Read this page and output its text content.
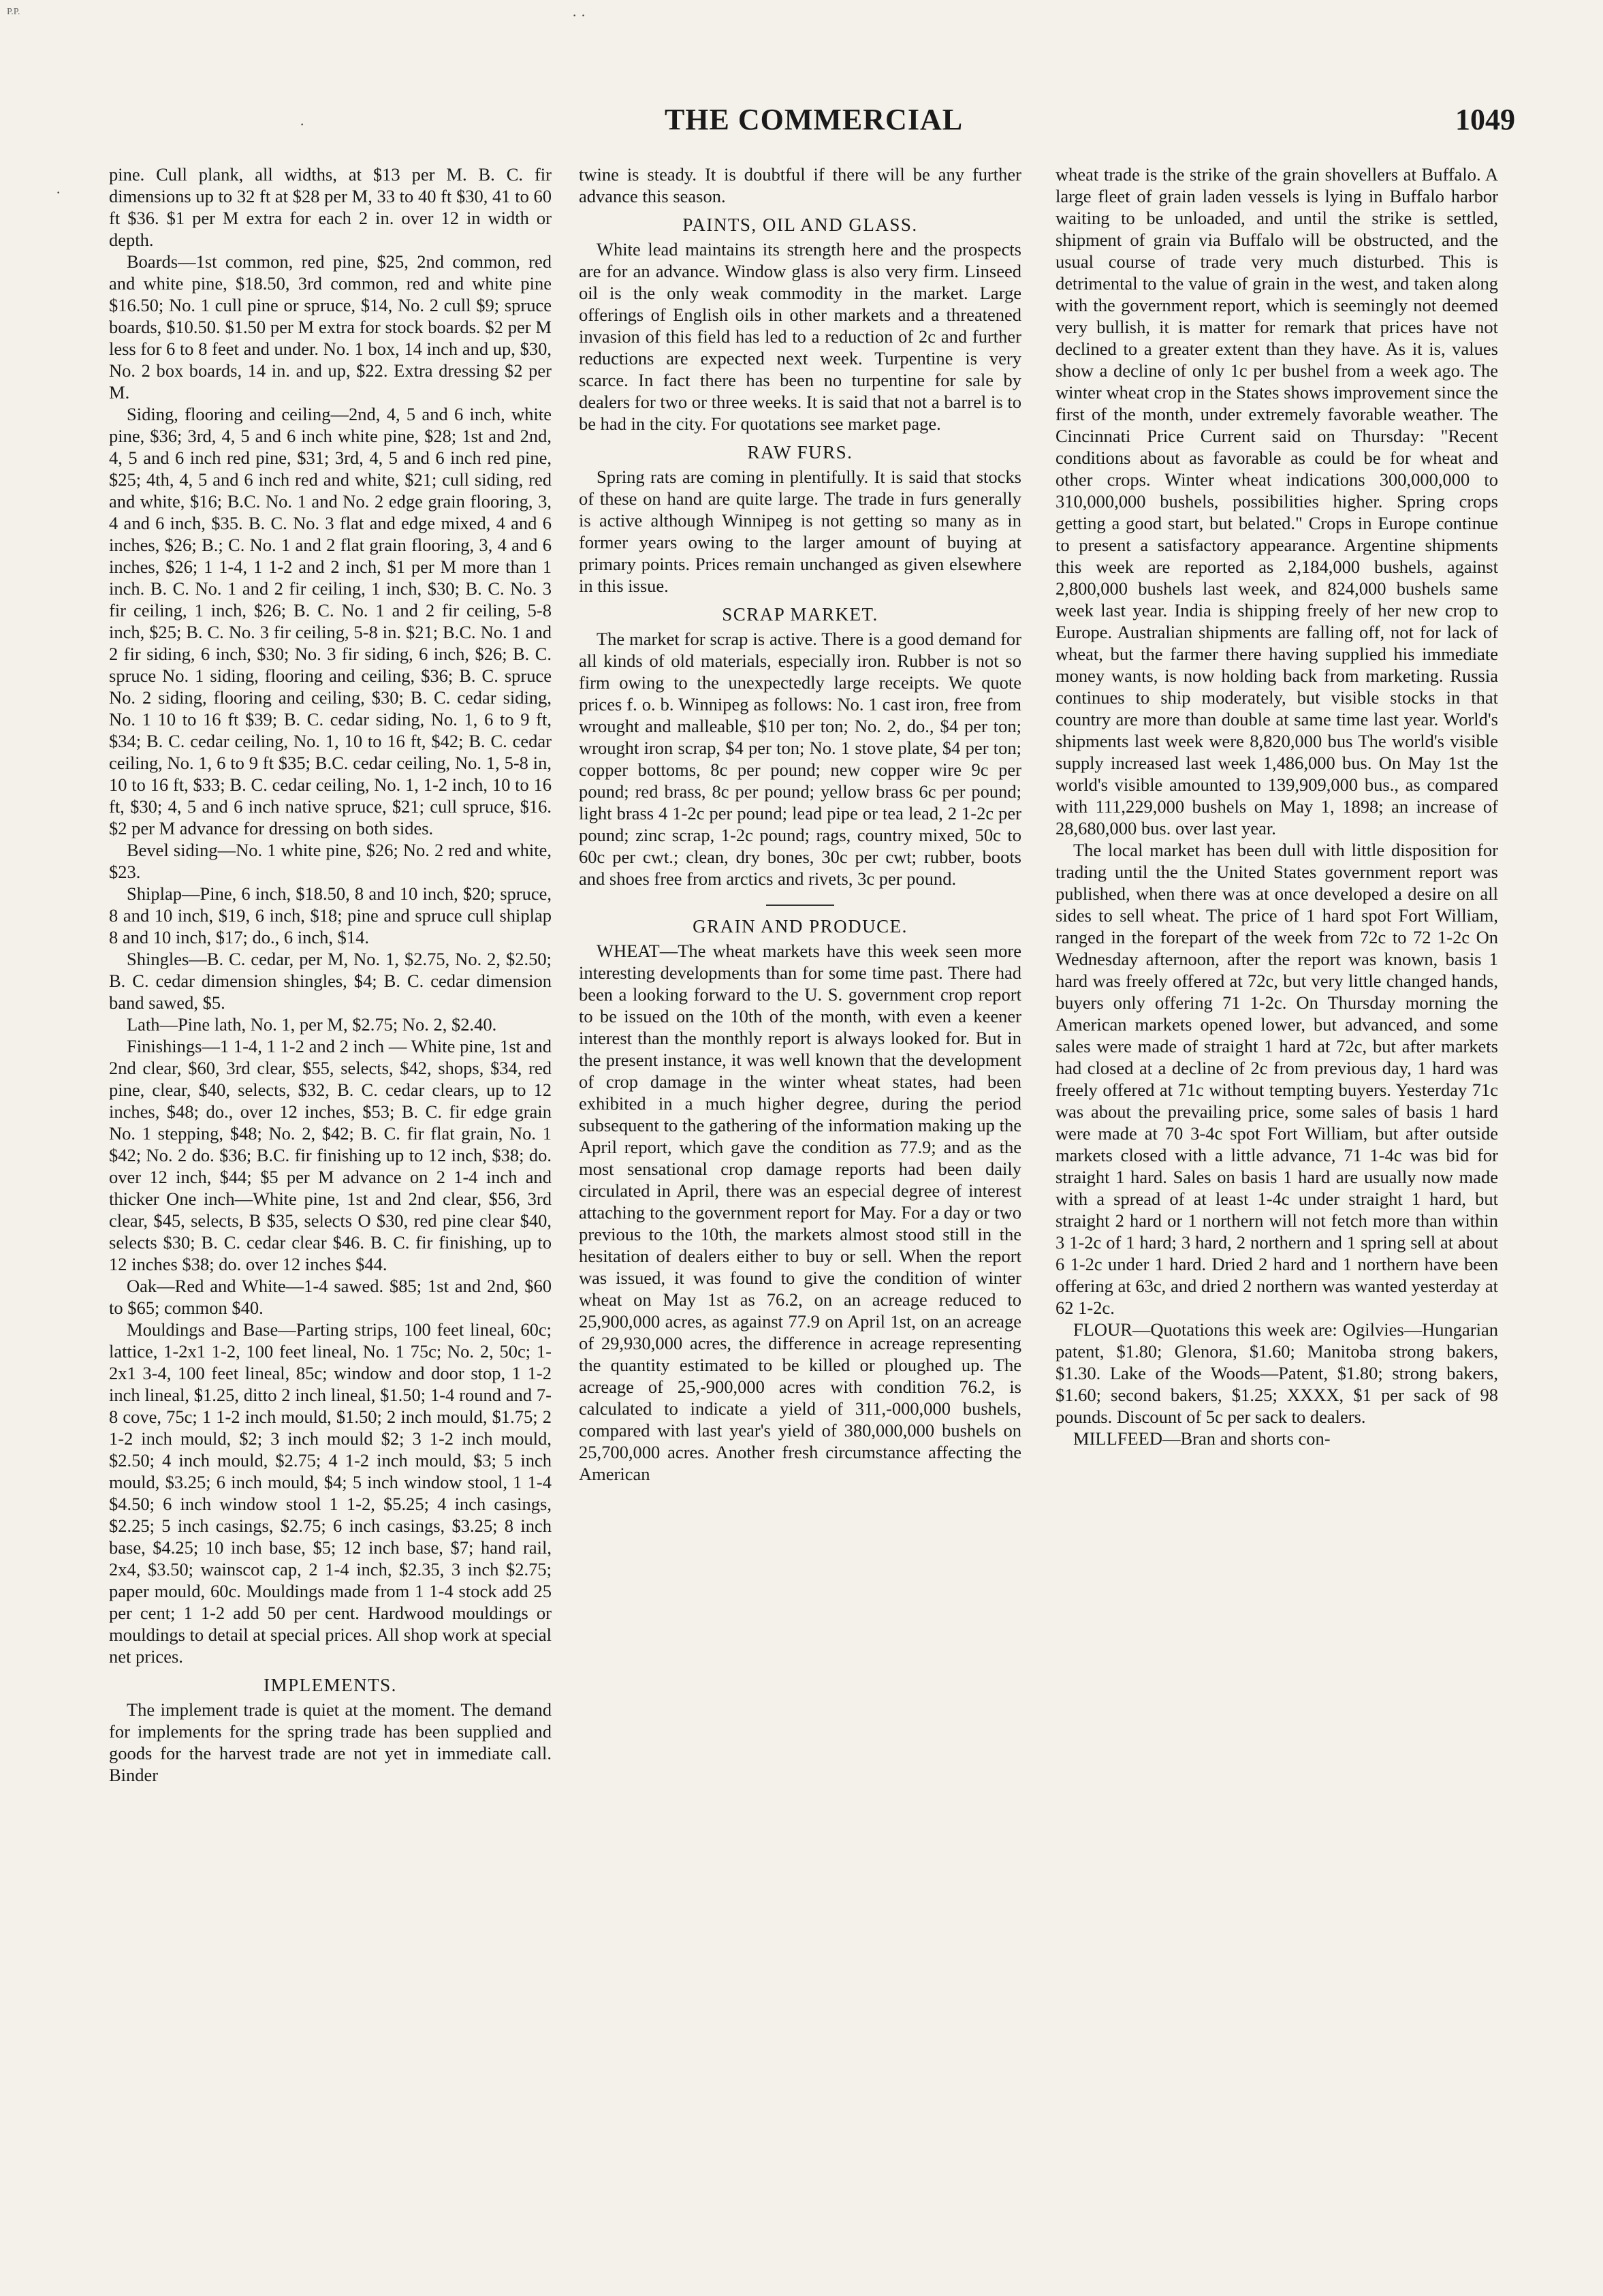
P.P.	· ·
·
·
THE COMMERCIAL	1049

pine. Cull plank, all widths, at $13 per M. B. C. fir dimensions up to 32 ft at $28 per M, 33 to 40 ft $30, 41 to 60 ft $36. $1 per M extra for each 2 in. over 12 in width or depth.

Boards—1st common, red pine, $25, 2nd common, red and white pine, $18.50, 3rd common, red and white pine $16.50; No. 1 cull pine or spruce, $14, No. 2 cull $9; spruce boards, $10.50. $1.50 per M extra for stock boards. $2 per M less for 6 to 8 feet and under. No. 1 box, 14 inch and up, $30, No. 2 box boards, 14 in. and up, $22. Extra dressing $2 per M.

Siding, flooring and ceiling—2nd, 4, 5 and 6 inch, white pine, $36; 3rd, 4, 5 and 6 inch white pine, $28; 1st and 2nd, 4, 5 and 6 inch red pine, $31; 3rd, 4, 5 and 6 inch red pine, $25; 4th, 4, 5 and 6 inch red and white, $21; cull siding, red and white, $16; B.C. No. 1 and No. 2 edge grain flooring, 3, 4 and 6 inch, $35. B. C. No. 3 flat and edge mixed, 4 and 6 inches, $26; B.; C. No. 1 and 2 flat grain flooring, 3, 4 and 6 inches, $26; 1 1-4, 1 1-2 and 2 inch, $1 per M more than 1 inch. B. C. No. 1 and 2 fir ceiling, 1 inch, $30; B. C. No. 3 fir ceiling, 1 inch, $26; B. C. No. 1 and 2 fir ceiling, 5-8 inch, $25; B. C. No. 3 fir ceiling, 5-8 in. $21; B.C. No. 1 and 2 fir siding, 6 inch, $30; No. 3 fir siding, 6 inch, $26; B. C. spruce No. 1 siding, flooring and ceiling, $36; B. C. spruce No. 2 siding, flooring and ceiling, $30; B. C. cedar siding, No. 1 10 to 16 ft $39; B. C. cedar siding, No. 1, 6 to 9 ft, $34; B. C. cedar ceiling, No. 1, 10 to 16 ft, $42; B. C. cedar ceiling, No. 1, 6 to 9 ft $35; B.C. cedar ceiling, No. 1, 5-8 in, 10 to 16 ft, $33; B. C. cedar ceiling, No. 1, 1-2 inch, 10 to 16 ft, $30; 4, 5 and 6 inch native spruce, $21; cull spruce, $16. $2 per M advance for dressing on both sides.

Bevel siding—No. 1 white pine, $26; No. 2 red and white, $23.

Shiplap—Pine, 6 inch, $18.50, 8 and 10 inch, $20; spruce, 8 and 10 inch, $19, 6 inch, $18; pine and spruce cull shiplap 8 and 10 inch, $17; do., 6 inch, $14.

Shingles—B. C. cedar, per M, No. 1, $2.75, No. 2, $2.50; B. C. cedar dimension shingles, $4; B. C. cedar dimension band sawed, $5.

Lath—Pine lath, No. 1, per M, $2.75; No. 2, $2.40.

Finishings—1 1-4, 1 1-2 and 2 inch — White pine, 1st and 2nd clear, $60, 3rd clear, $55, selects, $42, shops, $34, red pine, clear, $40, selects, $32, B. C. cedar clears, up to 12 inches, $48; do., over 12 inches, $53; B. C. fir edge grain No. 1 stepping, $48; No. 2, $42; B. C. fir flat grain, No. 1 $42; No. 2 do. $36; B.C. fir finishing up to 12 inch, $38; do. over 12 inch, $44; $5 per M advance on 2 1-4 inch and thicker One inch—White pine, 1st and 2nd clear, $56, 3rd clear, $45, selects, B $35, selects O $30, red pine clear $40, selects $30; B. C. cedar clear $46. B. C. fir finishing, up to 12 inches $38; do. over 12 inches $44.

Oak—Red and White—1-4 sawed. $85; 1st and 2nd, $60 to $65; common $40.

Mouldings and Base—Parting strips, 100 feet lineal, 60c; lattice, 1-2x1 1-2, 100 feet lineal, No. 1 75c; No. 2, 50c; 1-2x1 3-4, 100 feet lineal, 85c; window and door stop, 1 1-2 inch lineal, $1.25, ditto 2 inch lineal, $1.50; 1-4 round and 7-8 cove, 75c; 1 1-2 inch mould, $1.50; 2 inch mould, $1.75; 2 1-2 inch mould, $2; 3 inch mould $2; 3 1-2 inch mould, $2.50; 4 inch mould, $2.75; 4 1-2 inch mould, $3; 5 inch mould, $3.25; 6 inch mould, $4; 5 inch window stool, 1 1-4 $4.50; 6 inch window stool 1 1-2, $5.25; 4 inch casings, $2.25; 5 inch casings, $2.75; 6 inch casings, $3.25; 8 inch base, $4.25; 10 inch base, $5; 12 inch base, $7; hand rail, 2x4, $3.50; wainscot cap, 2 1-4 inch, $2.35, 3 inch $2.75; paper mould, 60c. Mouldings made from 1 1-4 stock add 25 per cent; 1 1-2 add 50 per cent. Hardwood mouldings or mouldings to detail at special prices. All shop work at special net prices.

IMPLEMENTS.

The implement trade is quiet at the moment. The demand for implements for the spring trade has been supplied and goods for the harvest trade are not yet in immediate call. Binder

twine is steady. It is doubtful if there will be any further advance this season.

PAINTS, OIL AND GLASS.

White lead maintains its strength here and the prospects are for an advance. Window glass is also very firm. Linseed oil is the only weak commodity in the market. Large offerings of English oils in other markets and a threatened invasion of this field has led to a reduction of 2c and further reductions are expected next week. Turpentine is very scarce. In fact there has been no turpentine for sale by dealers for two or three weeks. It is said that not a barrel is to be had in the city. For quotations see market page.

RAW FURS.

Spring rats are coming in plentifully. It is said that stocks of these on hand are quite large. The trade in furs generally is active although Winnipeg is not getting so many as in former years owing to the larger amount of buying at primary points. Prices remain unchanged as given elsewhere in this issue.

SCRAP MARKET.

The market for scrap is active. There is a good demand for all kinds of old materials, especially iron. Rubber is not so firm owing to the unexpectedly large receipts. We quote prices f. o. b. Winnipeg as follows: No. 1 cast iron, free from wrought and malleable, $10 per ton; No. 2, do., $4 per ton; wrought iron scrap, $4 per ton; No. 1 stove plate, $4 per ton; copper bottoms, 8c per pound; new copper wire 9c per pound; red brass, 8c per pound; yellow brass 6c per pound; light brass 4 1-2c per pound; lead pipe or tea lead, 2 1-2c per pound; zinc scrap, 1-2c pound; rags, country mixed, 50c to 60c per cwt.; clean, dry bones, 30c per cwt; rubber, boots and shoes free from arctics and rivets, 3c per pound.

GRAIN AND PRODUCE.

WHEAT—The wheat markets have this week seen more interesting developments than for some time past. There had been a looking forward to the U. S. government crop report to be issued on the 10th of the month, with even a keener interest than the monthly report is always looked for. But in the present instance, it was well known that the development of crop damage in the winter wheat states, had been exhibited in a much higher degree, during the period subsequent to the gathering of the information making up the April report, which gave the condition as 77.9; and as the most sensational crop damage reports had been daily circulated in April, there was an especial degree of interest attaching to the government report for May. For a day or two previous to the 10th, the markets almost stood still in the hesitation of dealers either to buy or sell. When the report was issued, it was found to give the condition of winter wheat on May 1st as 76.2, on an acreage reduced to 25,900,000 acres, as against 77.9 on April 1st, on an acreage of 29,930,000 acres, the difference in acreage representing the quantity estimated to be killed or ploughed up. The acreage of 25,-900,000 acres with condition 76.2, is calculated to indicate a yield of 311,-000,000 bushels, compared with last year's yield of 380,000,000 bushels on 25,700,000 acres. Another fresh circumstance affecting the American

wheat trade is the strike of the grain shovellers at Buffalo. A large fleet of grain laden vessels is lying in Buffalo harbor waiting to be unloaded, and until the strike is settled, shipment of grain via Buffalo will be obstructed, and the usual course of trade very much disturbed. This is detrimental to the value of grain in the west, and taken along with the government report, which is seemingly not deemed very bullish, it is matter for remark that prices have not declined to a greater extent than they have. As it is, values show a decline of only 1c per bushel from a week ago. The winter wheat crop in the States shows improvement since the first of the month, under extremely favorable weather. The Cincinnati Price Current said on Thursday: "Recent conditions about as favorable as could be for wheat and other crops. Winter wheat indications 300,000,000 to 310,000,000 bushels, possibilities higher. Spring crops getting a good start, but belated." Crops in Europe continue to present a satisfactory appearance. Argentine shipments this week are reported as 2,184,000 bushels, against 2,800,000 bushels last week, and 824,000 bushels same week last year. India is shipping freely of her new crop to Europe. Australian shipments are falling off, not for lack of wheat, but the farmer there having supplied his immediate money wants, is now holding back from marketing. Russia continues to ship moderately, but visible stocks in that country are more than double at same time last year. World's shipments last week were 8,820,000 bus The world's visible supply increased last week 1,486,000 bus. On May 1st the world's visible amounted to 139,909,000 bus., as compared with 111,229,000 bushels on May 1, 1898; an increase of 28,680,000 bus. over last year.

The local market has been dull with little disposition for trading until the the United States government report was published, when there was at once developed a desire on all sides to sell wheat. The price of 1 hard spot Fort William, ranged in the forepart of the week from 72c to 72 1-2c On Wednesday afternoon, after the report was known, basis 1 hard was freely offered at 72c, but very little changed hands, buyers only offering 71 1-2c. On Thursday morning the American markets opened lower, but advanced, and some sales were made of straight 1 hard at 72c, but after markets had closed at a decline of 2c from previous day, 1 hard was freely offered at 71c without tempting buyers. Yesterday 71c was about the prevailing price, some sales of basis 1 hard were made at 70 3-4c spot Fort William, but after outside markets closed with a little advance, 71 1-4c was bid for straight 1 hard. Sales on basis 1 hard are usually now made with a spread of at least 1-4c under straight 1 hard, but straight 2 hard or 1 northern will not fetch more than within 3 1-2c of 1 hard; 3 hard, 2 northern and 1 spring sell at about 6 1-2c under 1 hard. Dried 2 hard and 1 northern have been offering at 63c, and dried 2 northern was wanted yesterday at 62 1-2c.

FLOUR—Quotations this week are: Ogilvies—Hungarian patent, $1.80; Glenora, $1.60; Manitoba strong bakers, $1.30. Lake of the Woods—Patent, $1.80; strong bakers, $1.60; second bakers, $1.25; XXXX, $1 per sack of 98 pounds. Discount of 5c per sack to dealers.

MILLFEED—Bran and shorts con-
